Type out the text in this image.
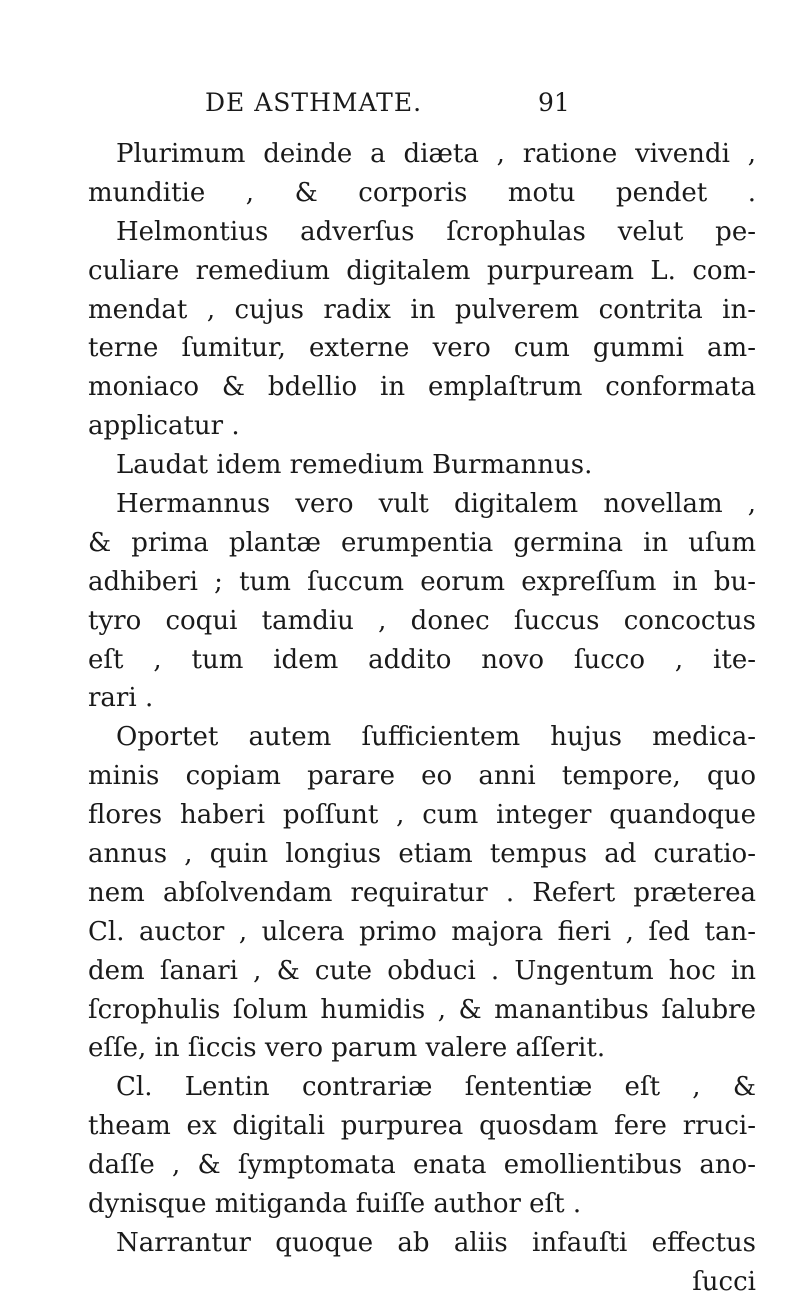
DE ASTHMATE.	91
Plurimum deinde a diæta , ratione vivendi ,
munditie , & corporis motu pendet .
Helmontius adverſus ſcrophulas velut pe-
culiare remedium digitalem purpuream L. com-
mendat , cujus radix in pulverem contrita in-
terne ſumitur, externe vero cum gummi am-
moniaco & bdellio in emplaſtrum conformata
applicatur .
Laudat idem remedium Burmannus.
Hermannus vero vult digitalem novellam ,
& prima plantæ erumpentia germina in uſum
adhiberi ; tum ſuccum eorum expreſſum in bu-
tyro coqui tamdiu , donec ſuccus concoctus
eſt , tum idem addito novo ſucco , ite-
rari .
Oportet autem ſufficientem hujus medica-
minis copiam parare eo anni tempore, quo
flores haberi poſſunt , cum integer quandoque
annus , quin longius etiam tempus ad curatio-
nem abſolvendam requiratur . Refert præterea
Cl. auctor , ulcera primo majora fieri , ſed tan-
dem ſanari , & cute obduci . Ungentum hoc in
ſcrophulis ſolum humidis , & manantibus ſalubre
eſſe, in ſiccis vero parum valere aſſerit.
Cl. Lentin contrariæ ſententiæ eſt , &
theam ex digitali purpurea quosdam fere rruci-
daſſe , & ſymptomata enata emollientibus ano-
dynisque mitiganda fuiſſe author eſt .
Narrantur quoque ab aliis infauſti effectus
ſucci
